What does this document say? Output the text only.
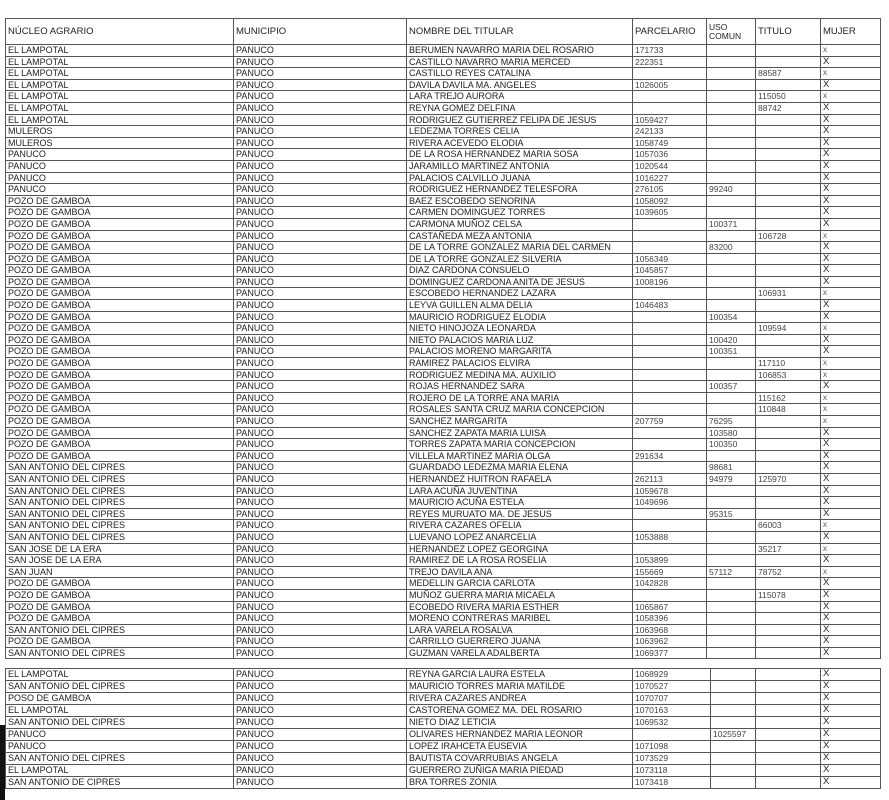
NÚCLEO AGRARIO	MUNICIPIO	NOMBRE DEL TITULAR	PARCELARIO	USO COMUN	TITULO	MUJER
EL LAMPOTAL	PANUCO	BERUMEN NAVARRO MARIA DEL ROSARIO	171733			x
EL LAMPOTAL	PANUCO	CASTILLO NAVARRO MARIA MERCED	222351			X
EL LAMPOTAL	PANUCO	CASTILLO REYES CATALINA			88587	x
EL LAMPOTAL	PANUCO	DAVILA DAVILA MA. ANGELES	1026005			X
EL LAMPOTAL	PANUCO	LARA TREJO AURORA			115050	x
EL LAMPOTAL	PANUCO	REYNA GOMEZ DELFINA			88742	X
EL LAMPOTAL	PANUCO	RODRIGUEZ GUTIERREZ FELIPA DE JESUS	1059427			X
MULEROS	PANUCO	LEDEZMA TORRES CELIA	242133			X
MULEROS	PANUCO	RIVERA ACEVEDO ELODIA	1058749			X
PANUCO	PANUCO	DE LA ROSA HERNANDEZ MARIA SOSA	1057036			X
PANUCO	PANUCO	JARAMILLO MARTINEZ ANTONIA	1020544			X
PANUCO	PANUCO	PALACIOS CALVILLO JUANA	1016227			X
PANUCO	PANUCO	RODRIGUEZ HERNANDEZ TELESFORA	276105	99240		X
POZO DE GAMBOA	PANUCO	BAEZ ESCOBEDO SENORINA	1058092			X
POZO DE GAMBOA	PANUCO	CARMEN DOMINGUEZ TORRES	1039605			X
POZO DE GAMBOA	PANUCO	CARMONA MUÑOZ CELSA		100371		X
POZO DE GAMBOA	PANUCO	CASTAÑEDA MEZA ANTONIA			106728	x
POZO DE GAMBOA	PANUCO	DE LA TORRE GONZALEZ MARIA DEL CARMEN		83200		X
POZO DE GAMBOA	PANUCO	DE LA TORRE GONZALEZ SILVERIA	1056349			X
POZO DE GAMBOA	PANUCO	DIAZ CARDONA CONSUELO	1045857			X
POZO DE GAMBOA	PANUCO	DOMINGUEZ CARDONA ANITA DE JESUS	1008196			X
POZO DE GAMBOA	PANUCO	ESCOBEDO HERNANDEZ LAZARA			106931	x
POZO DE GAMBOA	PANUCO	LEYVA GUILLEN ALMA DELIA	1046483			X
POZO DE GAMBOA	PANUCO	MAURICIO RODRIGUEZ ELODIA		100354		X
POZO DE GAMBOA	PANUCO	NIETO HINOJOZA LEONARDA			109594	x
POZO DE GAMBOA	PANUCO	NIETO PALACIOS MARIA LUZ		100420		X
POZO DE GAMBOA	PANUCO	PALACIOS MORENO MARGARITA		100351		X
POZO DE GAMBOA	PANUCO	RAMIREZ PALACIOS ELVIRA			117110	x
POZO DE GAMBOA	PANUCO	RODRIGUEZ MEDINA MA. AUXILIO			106853	x
POZO DE GAMBOA	PANUCO	ROJAS HERNANDEZ SARA		100357		X
POZO DE GAMBOA	PANUCO	ROJERO DE LA TORRE ANA MARIA			115162	x
POZO DE GAMBOA	PANUCO	ROSALES SANTA CRUZ MARIA CONCEPCION			110848	x
POZO DE GAMBOA	PANUCO	SANCHEZ MARGARITA	207759	76295		x
POZO DE GAMBOA	PANUCO	SANCHEZ ZAPATA MARIA LUISA		103580		X
POZO DE GAMBOA	PANUCO	TORRES ZAPATA MARIA CONCEPCION		100350		X
POZO DE GAMBOA	PANUCO	VILLELA MARTINEZ MARIA OLGA	291634			X
SAN ANTONIO DEL CIPRES	PANUCO	GUARDADO LEDEZMA MARIA ELENA		98681		X
SAN ANTONIO DEL CIPRES	PANUCO	HERNANDEZ HUITRON RAFAELA	262113	94979	125970	X
SAN ANTONIO DEL CIPRES	PANUCO	LARA ACUÑA JUVENTINA	1059678			X
SAN ANTONIO DEL CIPRES	PANUCO	MAURICIO ACUÑA ESTELA	1049696			X
SAN ANTONIO DEL CIPRES	PANUCO	REYES MURUATO MA. DE JESUS		95315		X
SAN ANTONIO DEL CIPRES	PANUCO	RIVERA CAZARES OFELIA			66003	x
SAN ANTONIO DEL CIPRES	PANUCO	LUEVANO LOPEZ ANARCELIA	1053888			X
SAN JOSE DE LA ERA	PANUCO	HERNANDEZ LOPEZ GEORGINA			35217	x
SAN JOSE DE LA ERA	PANUCO	RAMIREZ DE LA ROSA ROSELIA	1053899			X
SAN JUAN	PANUCO	TREJO DAVILA ANA	155669	57112	78752	x
POZO DE GAMBOA	PANUCO	MEDELLIN GARCIA CARLOTA	1042828			X
POZO DE GAMBOA	PANUCO	MUÑOZ GUERRA MARIA MICAELA			115078	X
POZO DE GAMBOA	PANUCO	ECOBEDO RIVERA MARIA ESTHER	1065867			X
POZO DE GAMBOA	PANUCO	MORENO CONTRERAS MARIBEL	1058396			X
SAN ANTONIO DEL CIPRES	PANUCO	LARA VARELA ROSALVA	1063968			X
POZO DE GAMBOA	PANUCO	CARRILLO GUERRERO JUANA	1063962			X
SAN ANTONIO DEL CIPRES	PANUCO	GUZMAN VARELA ADALBERTA	1069377			X
EL LAMPOTAL	PANUCO	REYNA GARCIA LAURA ESTELA	1068929			X
SAN ANTONIO DEL CIPRES	PANUCO	MAURICIO TORRES MARIA MATILDE	1070527			X
POSO DE GAMBOA	PANUCO	RIVERA CAZARES ANDREA	1070707			X
EL LAMPOTAL	PANUCO	CASTORENA GOMEZ MA. DEL ROSARIO	1070163			X
SAN ANTONIO DEL CIPRES	PANUCO	NIETO DIAZ LETICIA	1069532			X
PANUCO	PANUCO	OLIVARES HERNANDEZ MARIA LEONOR		1025597		X
PANUCO	PANUCO	LOPEZ IRAHCETA EUSEVIA	1071098			X
SAN ANTONIO DEL CIPRES	PANUCO	BAUTISTA COVARRUBIAS ANGELA	1073529			X
EL LAMPOTAL	PANUCO	GUERRERO ZUÑIGA MARIA PIEDAD	1073118			X
SAN ANTONIO DE CIPRES	PANUCO	BRA TORRES ZONIA	1073418			X
